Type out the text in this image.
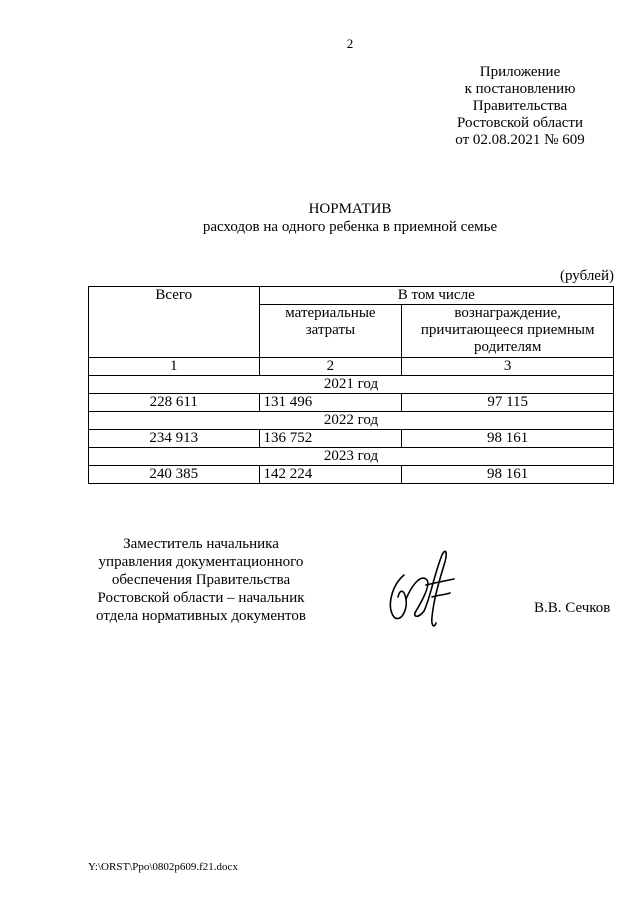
2
Приложение
к постановлению
Правительства
Ростовской области
от 02.08.2021 № 609
НОРМАТИВ
расходов на одного ребенка в приемной семье
(рублей)
Всего	В том числе	
	материальные затраты	вознаграждение, причитающееся приемным родителям
1	2	3
2021 год		
228 611	131 496	97 115
2022 год		
234 913	136 752	98 161
2023 год		
240 385	142 224	98 161
Заместитель начальника
управления документационного
обеспечения Правительства
Ростовской области – начальник
отдела нормативных документов	В.В. Сечков
Y:\ORST\Ppo\0802p609.f21.docx
